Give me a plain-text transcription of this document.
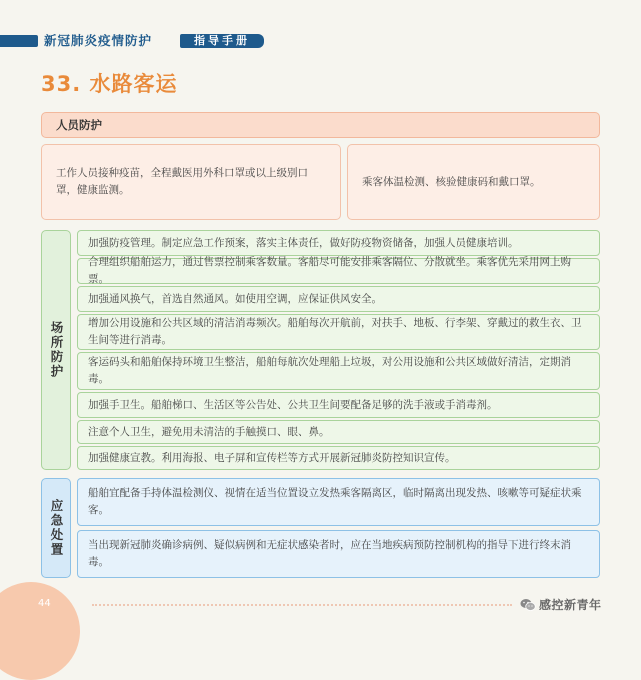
新冠肺炎疫情防护	指导手册
33. 水路客运
人员防护
工作人员接种疫苗，全程戴医用外科口罩或以上级别口罩，健康监测。
乘客体温检测、核验健康码和戴口罩。
场所防护
加强防疫管理。制定应急工作预案，落实主体责任，做好防疫物资储备，加强人员健康培训。
合理组织船舶运力，通过售票控制乘客数量。客船尽可能安排乘客隔位、分散就坐。乘客优先采用网上购票。
加强通风换气，首选自然通风。如使用空调，应保证供风安全。
增加公用设施和公共区域的清洁消毒频次。船舶每次开航前，对扶手、地板、行李架、穿戴过的救生衣、卫生间等进行消毒。
客运码头和船舶保持环境卫生整洁，船舶每航次处理船上垃圾，对公用设施和公共区域做好清洁，定期消毒。
加强手卫生。船舶梯口、生活区等公告处、公共卫生间要配备足够的洗手液或手消毒剂。
注意个人卫生，避免用未清洁的手触摸口、眼、鼻。
加强健康宣教。利用海报、电子屏和宣传栏等方式开展新冠肺炎防控知识宣传。
应急处置
船舶宜配备手持体温检测仪、视情在适当位置设立发热乘客隔离区，临时隔离出现发热、咳嗽等可疑症状乘客。
当出现新冠肺炎确诊病例、疑似病例和无症状感染者时，应在当地疾病预防控制机构的指导下进行终末消毒。
44	感控新青年
